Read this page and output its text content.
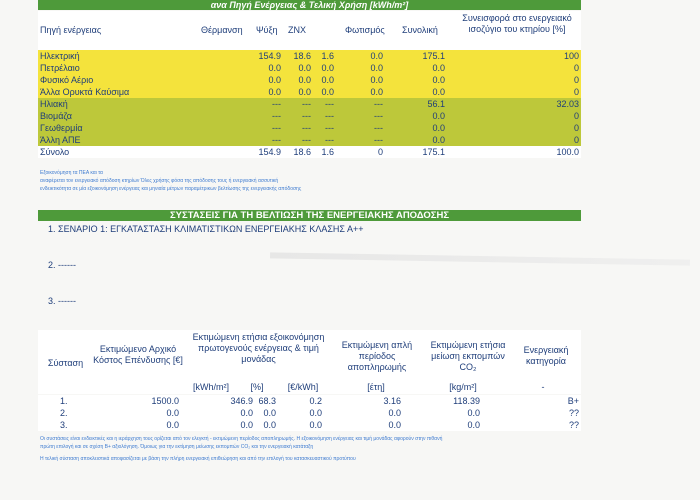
ανα Πηγή Ενέργειας & Τελική Χρήση [kWh/m²]
Πηγή ενέργειας	Θέρμανση Ψύξη ZNX	Φωτισμός Συνολική
Συνεισφορά στο ενεργειακό ισοζύγιο του κτηρίου [%]
Ηλεκτρική	154.9 18.6 1.6	0.0	175.1	100
Πετρέλαιο	0.0 0.0 0.0	0.0	0.0	0
Φυσικό Αέριο	0.0 0.0 0.0	0.0	0.0	0
Άλλα Ορυκτά Καύσιμα	0.0 0.0 0.0	0.0	0.0	0
Ηλιακή	--- --- ---	---	56.1	32.03
Βιομάζα	--- --- ---	---	0.0	0
Γεωθερμία	--- --- ---	---	0.0	0
Άλλη ΑΠΕ	--- --- ---	---	0.0	0
Σύνολο	154.9 18.6 1.6	0	175.1	100.0
Εξοικονόμηση τα ΠΕΑ και τα
αναφέρεται τον ενεργειακό απόδοση κτηρίων Όλες χρήσης φόσα της απόδοσης τους ή ενεργειακή ασσυτική
ενδεικτικότητα σε μία εξοικονόμηση ενέργειας και μηνιαία μέτρων παραμέτρικων βελτίωσης της ενεργειακής απόδοσης
ΣΥΣΤΑΣΕΙΣ ΓΙΑ ΤΗ ΒΕΛΤΙΩΣΗ ΤΗΣ ΕΝΕΡΓΕΙΑΚΗΣ ΑΠΟΔΟΣΗΣ
1. ΣΕΝΑΡΙΟ 1: ΕΓΚΑΤΑΣΤΑΣΗ ΚΛΙΜΑΤΙΣΤΙΚΩΝ ΕΝΕΡΓΕΙΑΚΗΣ ΚΛΑΣΗΣ Α++
2. ------
3. ------
Σύσταση
Εκτιμώμενο Αρχικό Κόστος Επένδυσης [€]
Εκτιμώμενη ετήσια εξοικονόμηση πρωτογενούς ενέργειας & τιμή μονάδας
Εκτιμώμενη απλή περίοδος αποπληρωμής
Εκτιμώμενη ετήσια μείωση εκπομπών CO₂
Ενεργειακή κατηγορία
[kWh/m²]	[%]	[€/kWh]	[έτη]	[kg/m²]	-
1.	1500.0	346.9 68.3	0.2	3.16	118.39	B+
2.	0.0	0.0 0.0	0.0	0.0	0.0	??
3.	0.0	0.0 0.0	0.0	0.0	0.0	??
Οι συστάσεις είναι ενδεικτικές και η ιεράρχηση τους ορίζεται από τον ελεγκτή - εκτιμώμενη περίοδος αποπληρωμής. Η εξοικονόμηση ενέργειας και τιμή μονάδας αφορούν στην πιθανή
πρώτη επιλογή και σε σχέση Β+ αξιολόγηση. Όμοιως για την εκτίμηση μείωσης εκπομπών CO₂ και την ενεργειακή κατάταξη
Η τελική σύσταση αποκλειστικά αποφασίζεται με βάση την πλήρη ενεργειακή επιθεώρηση και από την επιλογή του κατασκευαστικού προτύπου
